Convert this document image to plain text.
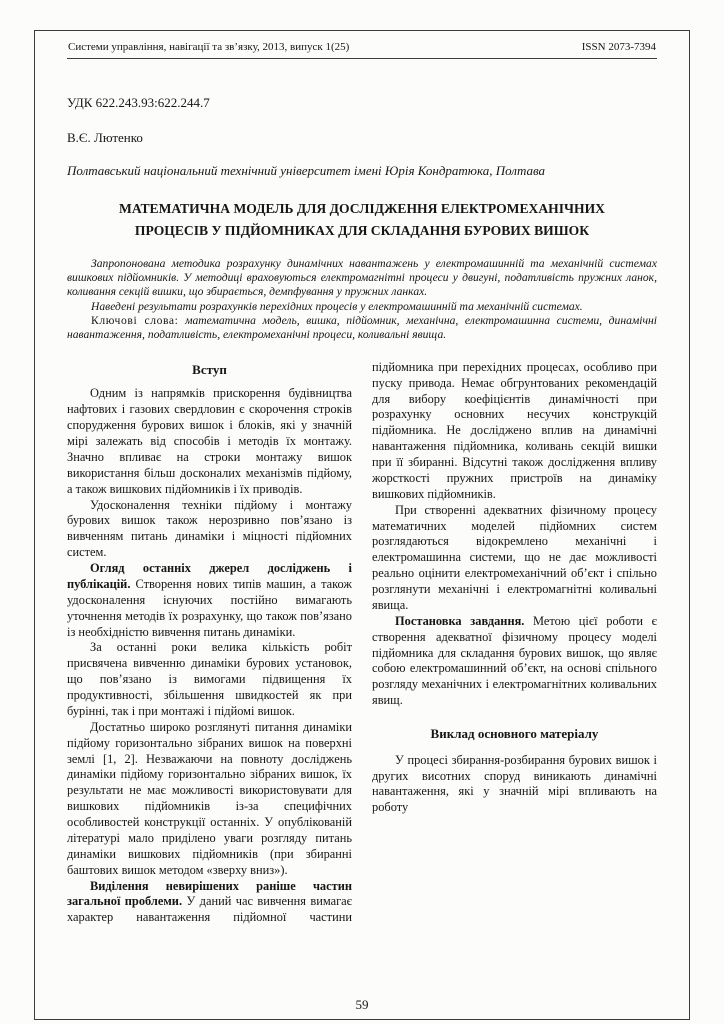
Системи управління, навігації та зв’язку, 2013, випуск 1(25)	ISSN 2073-7394
УДК 622.243.93:622.244.7
В.Є. Лютенко
Полтавський національний технічний університет імені Юрія Кондратюка, Полтава
МАТЕМАТИЧНА МОДЕЛЬ ДЛЯ ДОСЛІДЖЕННЯ ЕЛЕКТРОМЕХАНІЧНИХ ПРОЦЕСІВ У ПІДЙОМНИКАХ ДЛЯ СКЛАДАННЯ БУРОВИХ ВИШОК

Запропонована методика розрахунку динамічних навантажень у електромашинній та механічній системах вишкових підйомників. У методиці враховуються електромагнітні процеси у двигуні, податливість пружних ланок, коливання секцій вишки, що збирається, демпфування у пружних ланках.

Наведені результати розрахунків перехідних процесів у електромашинній та механічній системах.

Ключові слова: математична модель, вишка, підйомник, механічна, електромашинна системи, динамічні навантаження, податливість, електромеханічні процеси, коливальні явища.

Вступ

Одним із напрямків прискорення будівництва нафтових і газових свердловин є скорочення строків спорудження бурових вишок і блоків, які у значній мірі залежать від способів і методів їх монтажу. Значно впливає на строки монтажу вишок використання більш досконалих механізмів підйому, а також вишкових підйомників і їх приводів.

Удосконалення техніки підйому і монтажу бурових вишок також нерозривно пов’язано із вивченням питань динаміки і міцності підйомних систем.

Огляд останніх джерел досліджень і публікацій. Створення нових типів машин, а також удосконалення існуючих постійно вимагають уточнення методів їх розрахунку, що також пов’язано із необхідністю вивчення питань динаміки.

За останні роки велика кількість робіт присвячена вивченню динаміки бурових установок, що пов’язано із вимогами підвищення їх продуктивності, збільшення швидкостей як при бурінні, так і при монтажі і підйомі вишок.

Достатньо широко розглянуті питання динаміки підйому горизонтально зібраних вишок на поверхні землі [1, 2]. Незважаючи на повноту досліджень динаміки підйому горизонтально зібраних вишок, їх результати не має можливості використовувати для вишкових підйомників із-за специфічних особливостей конструкції останніх. У опублікованій літературі мало приділено уваги розгляду питань динаміки вишкових підйомників (при збиранні баштових вишок методом «зверху вниз»).

Виділення невирішених раніше частин загальної проблеми. У даний час вивчення вимагає характер навантаження підйомної частини

підйомника при перехідних процесах, особливо при пуску привода. Немає обгрунтованих рекомендацій для вибору коефіцієнтів динамічності при розрахунку основних несучих конструкцій підйомника. Не досліджено вплив на динамічні навантаження підйомника, коливань секцій вишки при її збиранні. Відсутні також дослідження впливу жорсткості пружних пристроїв на динаміку вишкових підйомників.

При створенні адекватних фізичному процесу математичних моделей підйомних систем розглядаються відокремлено механічні і електромашинна системи, що не дає можливості реально оцінити електромеханічний об’єкт і спільно розглянути механічні і електромагнітні коливальні явища.

Постановка завдання. Метою цієї роботи є створення адекватної фізичному процесу моделі підйомника для складання бурових вишок, що являє собою електромашинний об’єкт, на основі спільного розгляду механічних і електромагнітних коливальних явищ.

Виклад основного матеріалу

У процесі збирання-розбирання бурових вишок і других висотних споруд виникають динамічні навантаження, які у значній мірі впливають на роботу

59
